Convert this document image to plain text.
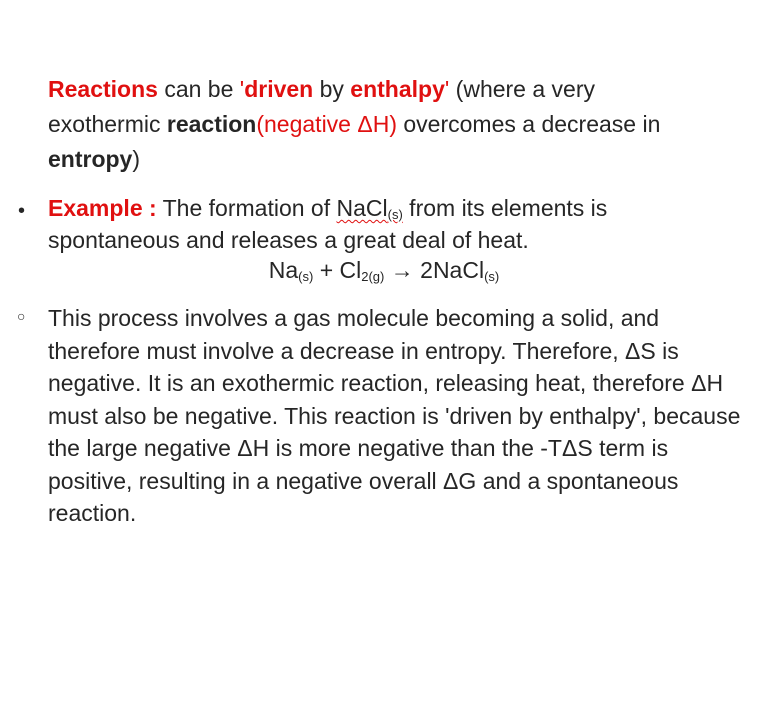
Reactions can be 'driven by enthalpy' (where a very exothermic reaction(negative ΔH) overcomes a decrease in entropy)

• Example : The formation of NaCl$_{(s)}$ from its elements is spontaneous and releases a great deal of heat.

$Na_{(s)} + Cl_{2(g)}$ → 2NaCl$_{(s)}$
○ This process involves a gas molecule becoming a solid, and therefore must involve a decrease in entropy. Therefore, ΔS is negative. It is an exothermic reaction, releasing heat, therefore ΔH must also be negative. This reaction is 'driven by enthalpy', because the large negative ΔH is more negative than the -TΔS term is positive, resulting in a negative overall ΔG and a spontaneous reaction.
